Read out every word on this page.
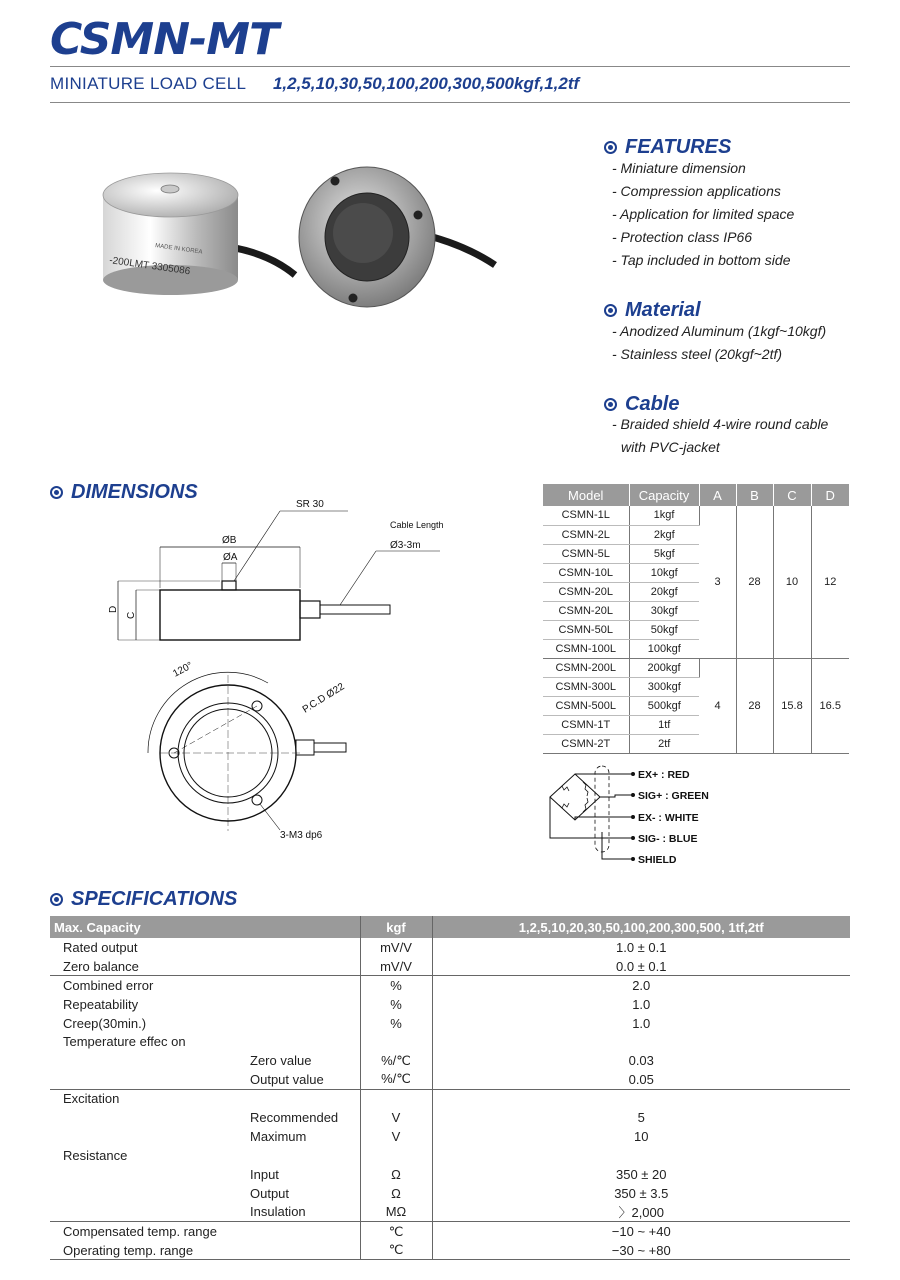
CSMN-MT
MINIATURE LOAD CELL 1,2,5,10,30,50,100,200,300,500kgf,1,2tf
-200LMT 3305086
MADE IN KOREA
FEATURES
- Miniature dimension
- Compression applications
- Application for limited space
- Protection class IP66
- Tap included in bottom side
Material
- Anodized Aluminum (1kgf~10kgf)
- Stainless steel (20kgf~2tf)
Cable
- Braided shield 4-wire round cable
with PVC-jacket
DIMENSIONS
ØB
ØA
D
C
SR 30
Cable Length
Ø3-3m
120°
P.C.D Ø22
3-M3 dp6
Model	Capacity	A	B	C	D
CSMN-1L	1kgf	3	28	10	12
CSMN-2L	2kgf				
CSMN-5L	5kgf				
CSMN-10L	10kgf				
CSMN-20L	20kgf				
CSMN-20L	30kgf				
CSMN-50L	50kgf				
CSMN-100L	100kgf				
CSMN-200L	200kgf	4	28	15.8	16.5
CSMN-300L	300kgf				
CSMN-500L	500kgf				
CSMN-1T	1tf				
CSMN-2T	2tf				
EX+ : RED
SIG+ : GREEN
EX- : WHITE
SIG- : BLUE
SHIELD
SPECIFICATIONS
Max. Capacity	kgf	1,2,5,10,20,30,50,100,200,300,500, 1tf,2tf
Rated output	mV/V	1.0 ± 0.1
Zero balance	mV/V	0.0 ± 0.1
Combined error	%	2.0
Repeatability	%	1.0
Creep(30min.)	%	1.0
Temperature effec on		
Zero value	%/℃	0.03
Output value	%/℃	0.05
Excitation		
Recommended	V	5
Maximum	V	10
Resistance		
Input	Ω	350 ± 20
Output	Ω	350 ± 3.5
Insulation	MΩ	〉2,000
Compensated temp. range	℃	−10 ~ +40
Operating temp. range	℃	−30 ~ +80
